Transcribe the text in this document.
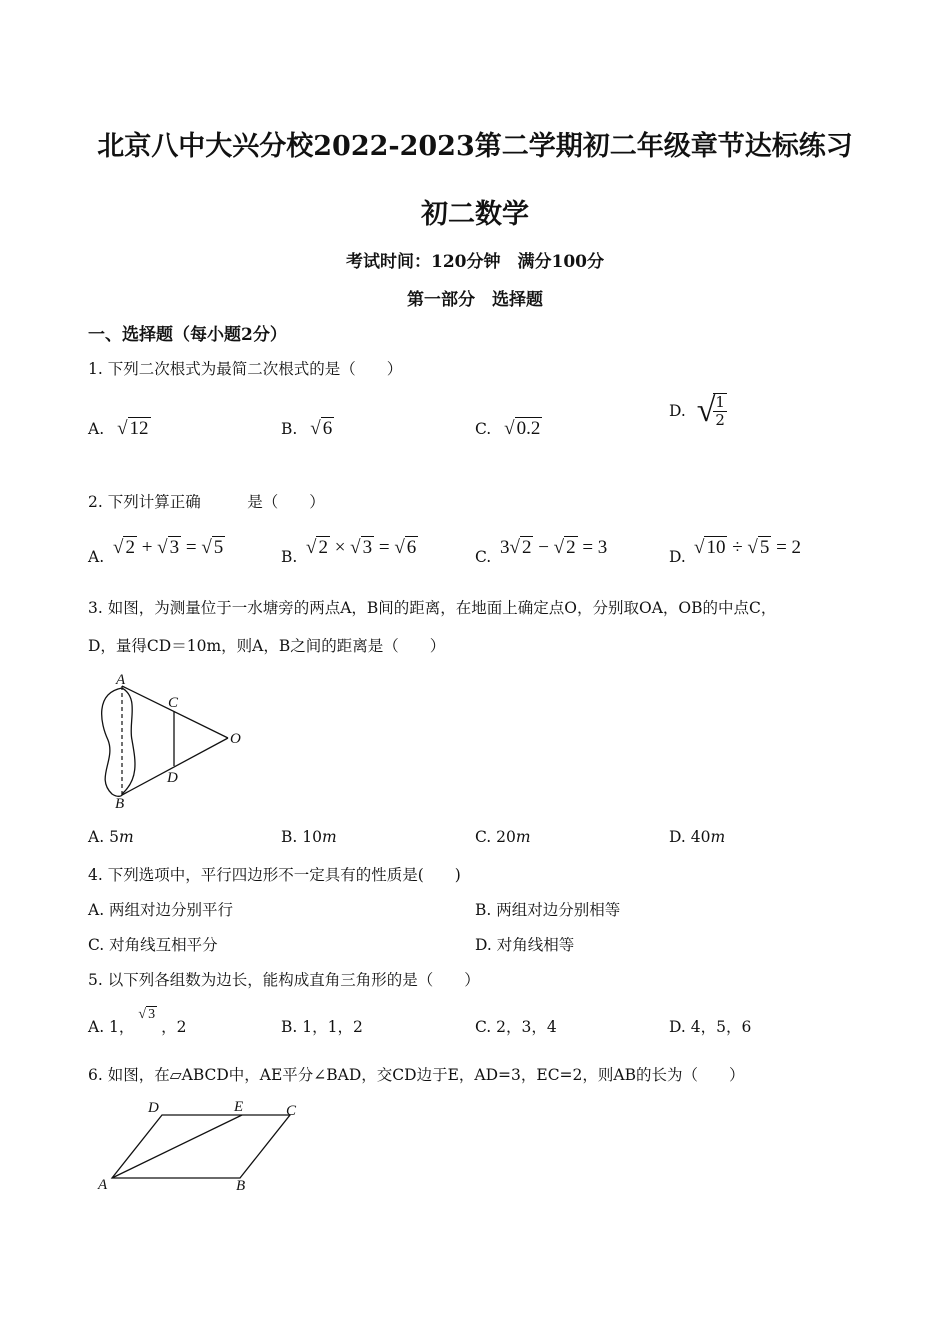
北京八中大兴分校2022-2023第二学期初二年级章节达标练习
初二数学
考试时间：120分钟　满分100分
第一部分　选择题
一、选择题（每小题2分）
1. 下列二次根式为最简二次根式的是（　　）
A. √ 12	B. √ 6	C. √ 0.2
D. √
$\frac{1}{2}$
2. 下列计算正确　　　是（　　）
A. √ 2 + √ 3 = √ 5	B. √ 2 × √ 3 = √ 6	C. 3√ 2 − √ 2 = 3	D. √ 10 ÷ √ 5 = 2
3. 如图，为测量位于一水塘旁的两点A，B间的距离，在地面上确定点O，分别取OA，OB的中点C，
D，量得CD＝10m，则A，B之间的距离是（　　）
A
B
C
D
O
A. 5m	B. 10m	C. 20m	D. 40m
4. 下列选项中，平行四边形不一定具有的性质是(　　)
A. 两组对边分别平行	B. 两组对边分别相等
C. 对角线互相平分	D. 对角线相等
5. 以下列各组数为边长，能构成直角三角形的是（　　）
A. 1，√ 3，2	B. 1，1，2	C. 2，3，4	D. 4，5，6
6. 如图，在▱ABCD中，AE平分∠BAD，交CD边于E，AD=3，EC=2，则AB的长为（　　）
A	B
C
D	E
